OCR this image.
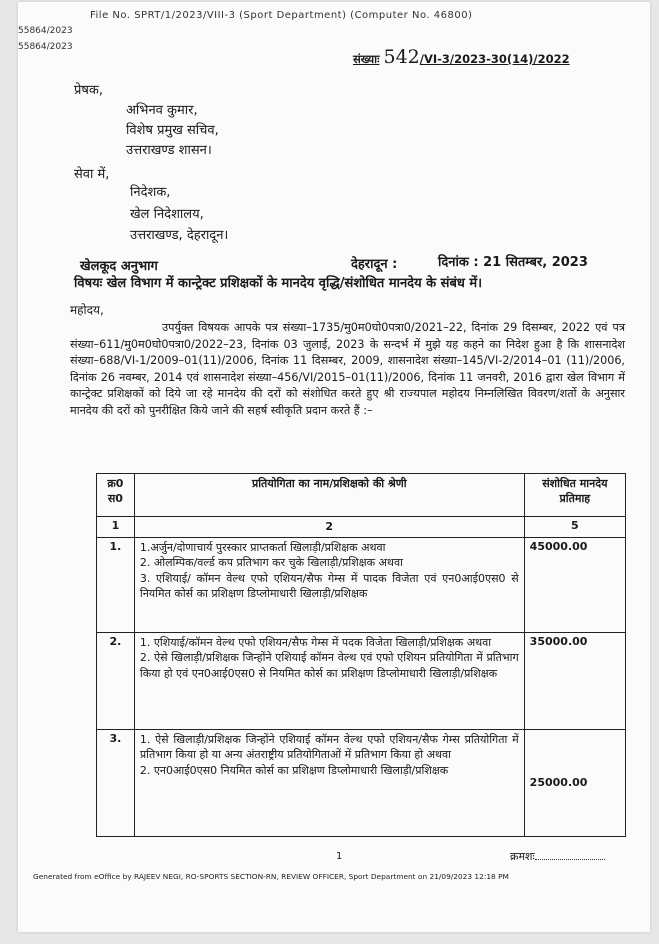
File No. SPRT/1/2023/VIII-3 (Sport Department) (Computer No. 46800)
55864/2023
55864/2023
संख्याः 542/VI-3/2023-30(14)/2022
प्रेषक,
अभिनव कुमार,
विशेष प्रमुख सचिव,
उत्तराखण्ड शासन।
सेवा में,
निदेशक,
खेल निदेशालय,
उत्तराखण्ड, देहरादून।
खेलकूद अनुभाग	देहरादून :	दिनांक : 21 सितम्बर, 2023
विषयः खेल विभाग में कान्ट्रेक्ट प्रशिक्षकों के मानदेय वृद्धि/संशोधित मानदेय के संबंध में।
महोदय,

उपर्युक्त विषयक आपके पत्र संख्या–1735/मु0म0घो0पत्रा0/2021–22, दिनांक 29 दिसम्बर, 2022 एवं पत्र संख्या–611/मु0म0घो0पत्रा0/2022–23, दिनांक 03 जुलाई, 2023 के सन्दर्भ में मुझे यह कहने का निदेश हुआ है कि शासनादेश संख्या–688/VI-1/2009–01(11)/2006, दिनांक 11 दिसम्बर, 2009, शासनादेश संख्या–145/VI-2/2014–01 (11)/2006, दिनांक 26 नवम्बर, 2014 एवं शासनादेश संख्या–456/VI/2015–01(11)/2006, दिनांक 11 जनवरी, 2016 द्वारा खेल विभाग में कान्ट्रेक्ट प्रशिक्षकों को दिये जा रहे मानदेय की दरों को संशोधित करते हुए श्री राज्यपाल महोदय निम्नलिखित विवरण/शर्तो के अनुसार मानदेय की दरों को पुनरीक्षित किये जाने की सहर्ष स्वीकृति प्रदान करते हैं :–

क्र0 स0	प्रतियोगिता का नाम/प्रशिक्षको की श्रेणी	संशोधित मानदेय प्रतिमाह
1	2	5
1.	1.अर्जुन/दोणाचार्य पुरस्कार प्राप्तकर्ता खिलाड़ी/प्रशिक्षक अथवा
2. ओलम्पिक/वर्ल्ड कप प्रतिभाग कर चुके खिलाड़ी/प्रशिक्षक अथवा
3. एशियाई/ कॉमन वेल्थ एफो एशियन/सैफ गेम्स में पादक विजेता एवं एन0आई0एस0 से नियमित कोर्स का प्रशिक्षण डिप्लोमाधारी खिलाड़ी/प्रशिक्षक	45000.00
2.	1. एशियाई/कॉमन वेल्थ एफो एशियन/सैफ गेम्स में पदक विजेता खिलाड़ी/प्रशिक्षक अथवा
2. ऐसे खिलाड़ी/प्रशिक्षक जिन्होंने एशियाई कॉमन वेल्थ एवं एफो एशियन प्रतियोगिता में प्रतिभाग किया हो एवं एन0आई0एस0 से नियमित कोर्स का प्रशिक्षण डिप्लोमाधारी खिलाड़ी/प्रशिक्षक	35000.00
3.	1. ऐसे खिलाड़ी/प्रशिक्षक जिन्होंने एशियाई कॉमन वेल्थ एफो एशियन/सैफ गेम्स प्रतियोगिता में प्रतिभाग किया हो या अन्य अंतराष्ट्रीय प्रतियोगिताओं में प्रतिभाग किया हो अथवा
2. एन0आई0एस0 नियमित कोर्स का प्रशिक्षण डिप्लोमाधारी खिलाड़ी/प्रशिक्षक	25000.00
1	क्रमशः
Generated from eOffice by RAJEEV NEGI, RO-SPORTS SECTION-RN, REVIEW OFFICER, Sport Department on 21/09/2023 12:18 PM
